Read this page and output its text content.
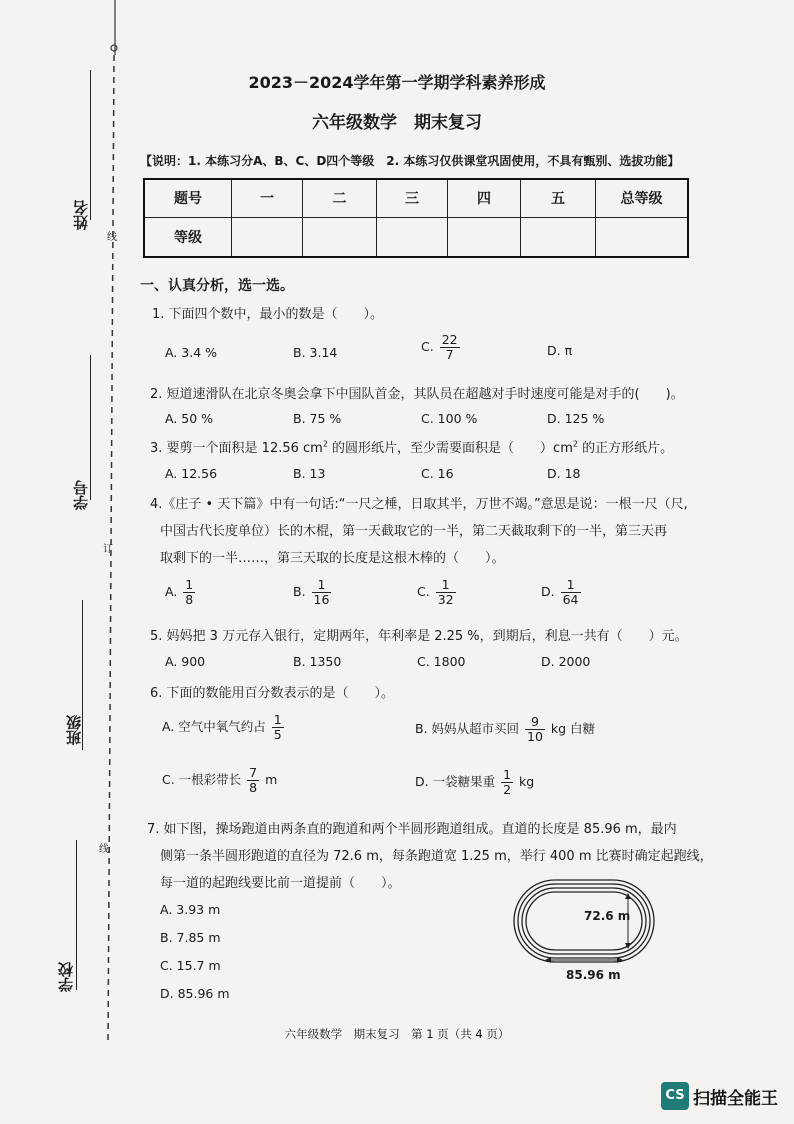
姓名
学号
班级
学校
线
订
线
2023－2024学年第一学期学科素养形成
六年级数学　期末复习
【说明：1. 本练习分A、B、C、D四个等级　2. 本练习仅供课堂巩固使用，不具有甄别、选拔功能】
题号	一	二	三	四	五	总等级
等级						
一、认真分析，选一选。
1. 下面四个数中，最小的数是（　　）。
A. 3.4 %	B. 3.14	C. $\frac{22}{7}$	D. π
2. 短道速滑队在北京冬奥会拿下中国队首金，其队员在超越对手时速度可能是对手的(　　)。
A. 50 %	B. 75 %	C. 100 %	D. 125 %
3. 要剪一个面积是 12.56 $cm^2$ 的圆形纸片，至少需要面积是（　　）$cm^2$ 的正方形纸片。
A. 12.56	B. 13	C. 16	D. 18
4.《庄子 • 天下篇》中有一句话:“一尺之棰，日取其半，万世不竭。”意思是说：一根一尺（尺,
中国古代长度单位）长的木棍，第一天截取它的一半，第二天截取剩下的一半，第三天再
取剩下的一半……，第三天取的长度是这根木棒的（　　）。
A. $\frac{1}{8}$	B. $\frac{1}{16}$	C. $\frac{1}{32}$	D. $\frac{1}{64}$
5. 妈妈把 3 万元存入银行，定期两年，年利率是 2.25 %，到期后，利息一共有（　　）元。
A. 900	B. 1350	C. 1800	D. 2000
6. 下面的数能用百分数表示的是（　　）。
A. 空气中氧气约占 $\frac{1}{5}$	B. 妈妈从超市买回 $\frac{9}{10}$ kg 白糖
C. 一根彩带长 $\frac{7}{8}$ m	D. 一袋糖果重 $\frac{1}{2}$ kg
7. 如下图，操场跑道由两条直的跑道和两个半圆形跑道组成。直道的长度是 85.96 m，最内
侧第一条半圆形跑道的直径为 72.6 m，每条跑道宽 1.25 m，举行 400 m 比赛时确定起跑线，
每一道的起跑线要比前一道提前（　　）。
A. 3.93 m
B. 7.85 m
C. 15.7 m
D. 85.96 m
72.6 m
85.96 m
六年级数学　期末复习　第 1 页（共 4 页）
CS 扫描全能王
